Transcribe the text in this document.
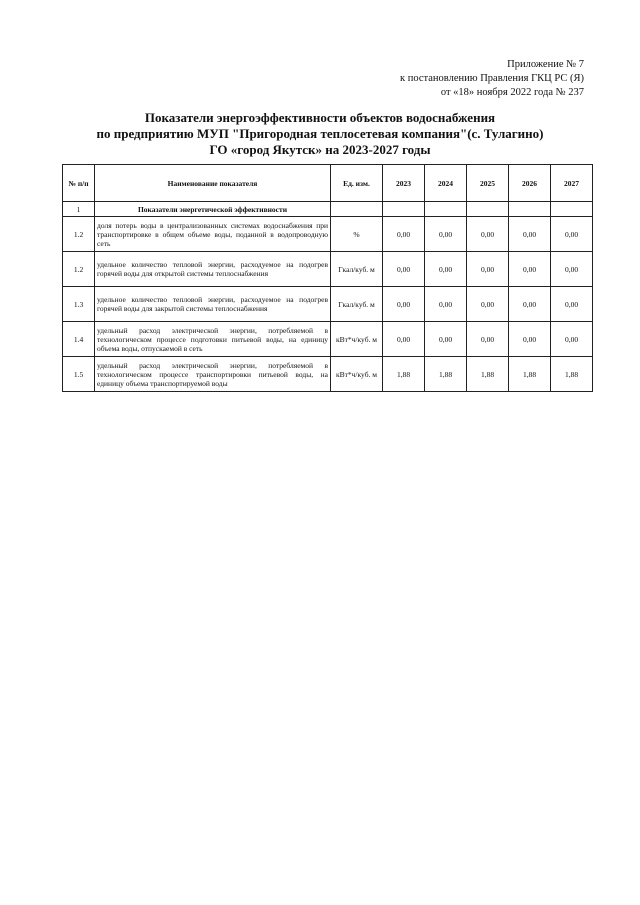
Приложение № 7
к постановлению Правления ГКЦ РС (Я)
от «18» ноября 2022 года № 237
Показатели энергоэффективности объектов водоснабжения
по предприятию МУП "Пригородная теплосетевая компания"(с. Тулагино)
ГО «город Якутск» на 2023-2027 годы
№ п/п	Наименование показателя	Ед. изм.	2023	2024	2025	2026	2027
1	Показатели энергетической эффективности						
1.2	доля потерь воды в централизованных системах водоснабжения при транспортировке в общем объеме воды, поданной в водопроводную сеть	%	0,00	0,00	0,00	0,00	0,00
1.2	удельное количество тепловой энергии, расходуемое на подогрев горячей воды для открытой системы теплоснабжения	Гкал/куб. м	0,00	0,00	0,00	0,00	0,00
1.3	удельное количество тепловой энергии, расходуемое на подогрев горячей воды для закрытой системы теплоснабжения	Гкал/куб. м	0,00	0,00	0,00	0,00	0,00
1.4	удельный расход электрической энергии, потребляемой в технологическом процессе подготовки питьевой воды, на единицу объема воды, отпускаемой в сеть	кВт*ч/куб. м	0,00	0,00	0,00	0,00	0,00
1.5	удельный расход электрической энергии, потребляемой в технологическом процессе транспортировки питьевой воды, на единицу объема транспортируемой воды	кВт*ч/куб. м	1,88	1,88	1,88	1,88	1,88
